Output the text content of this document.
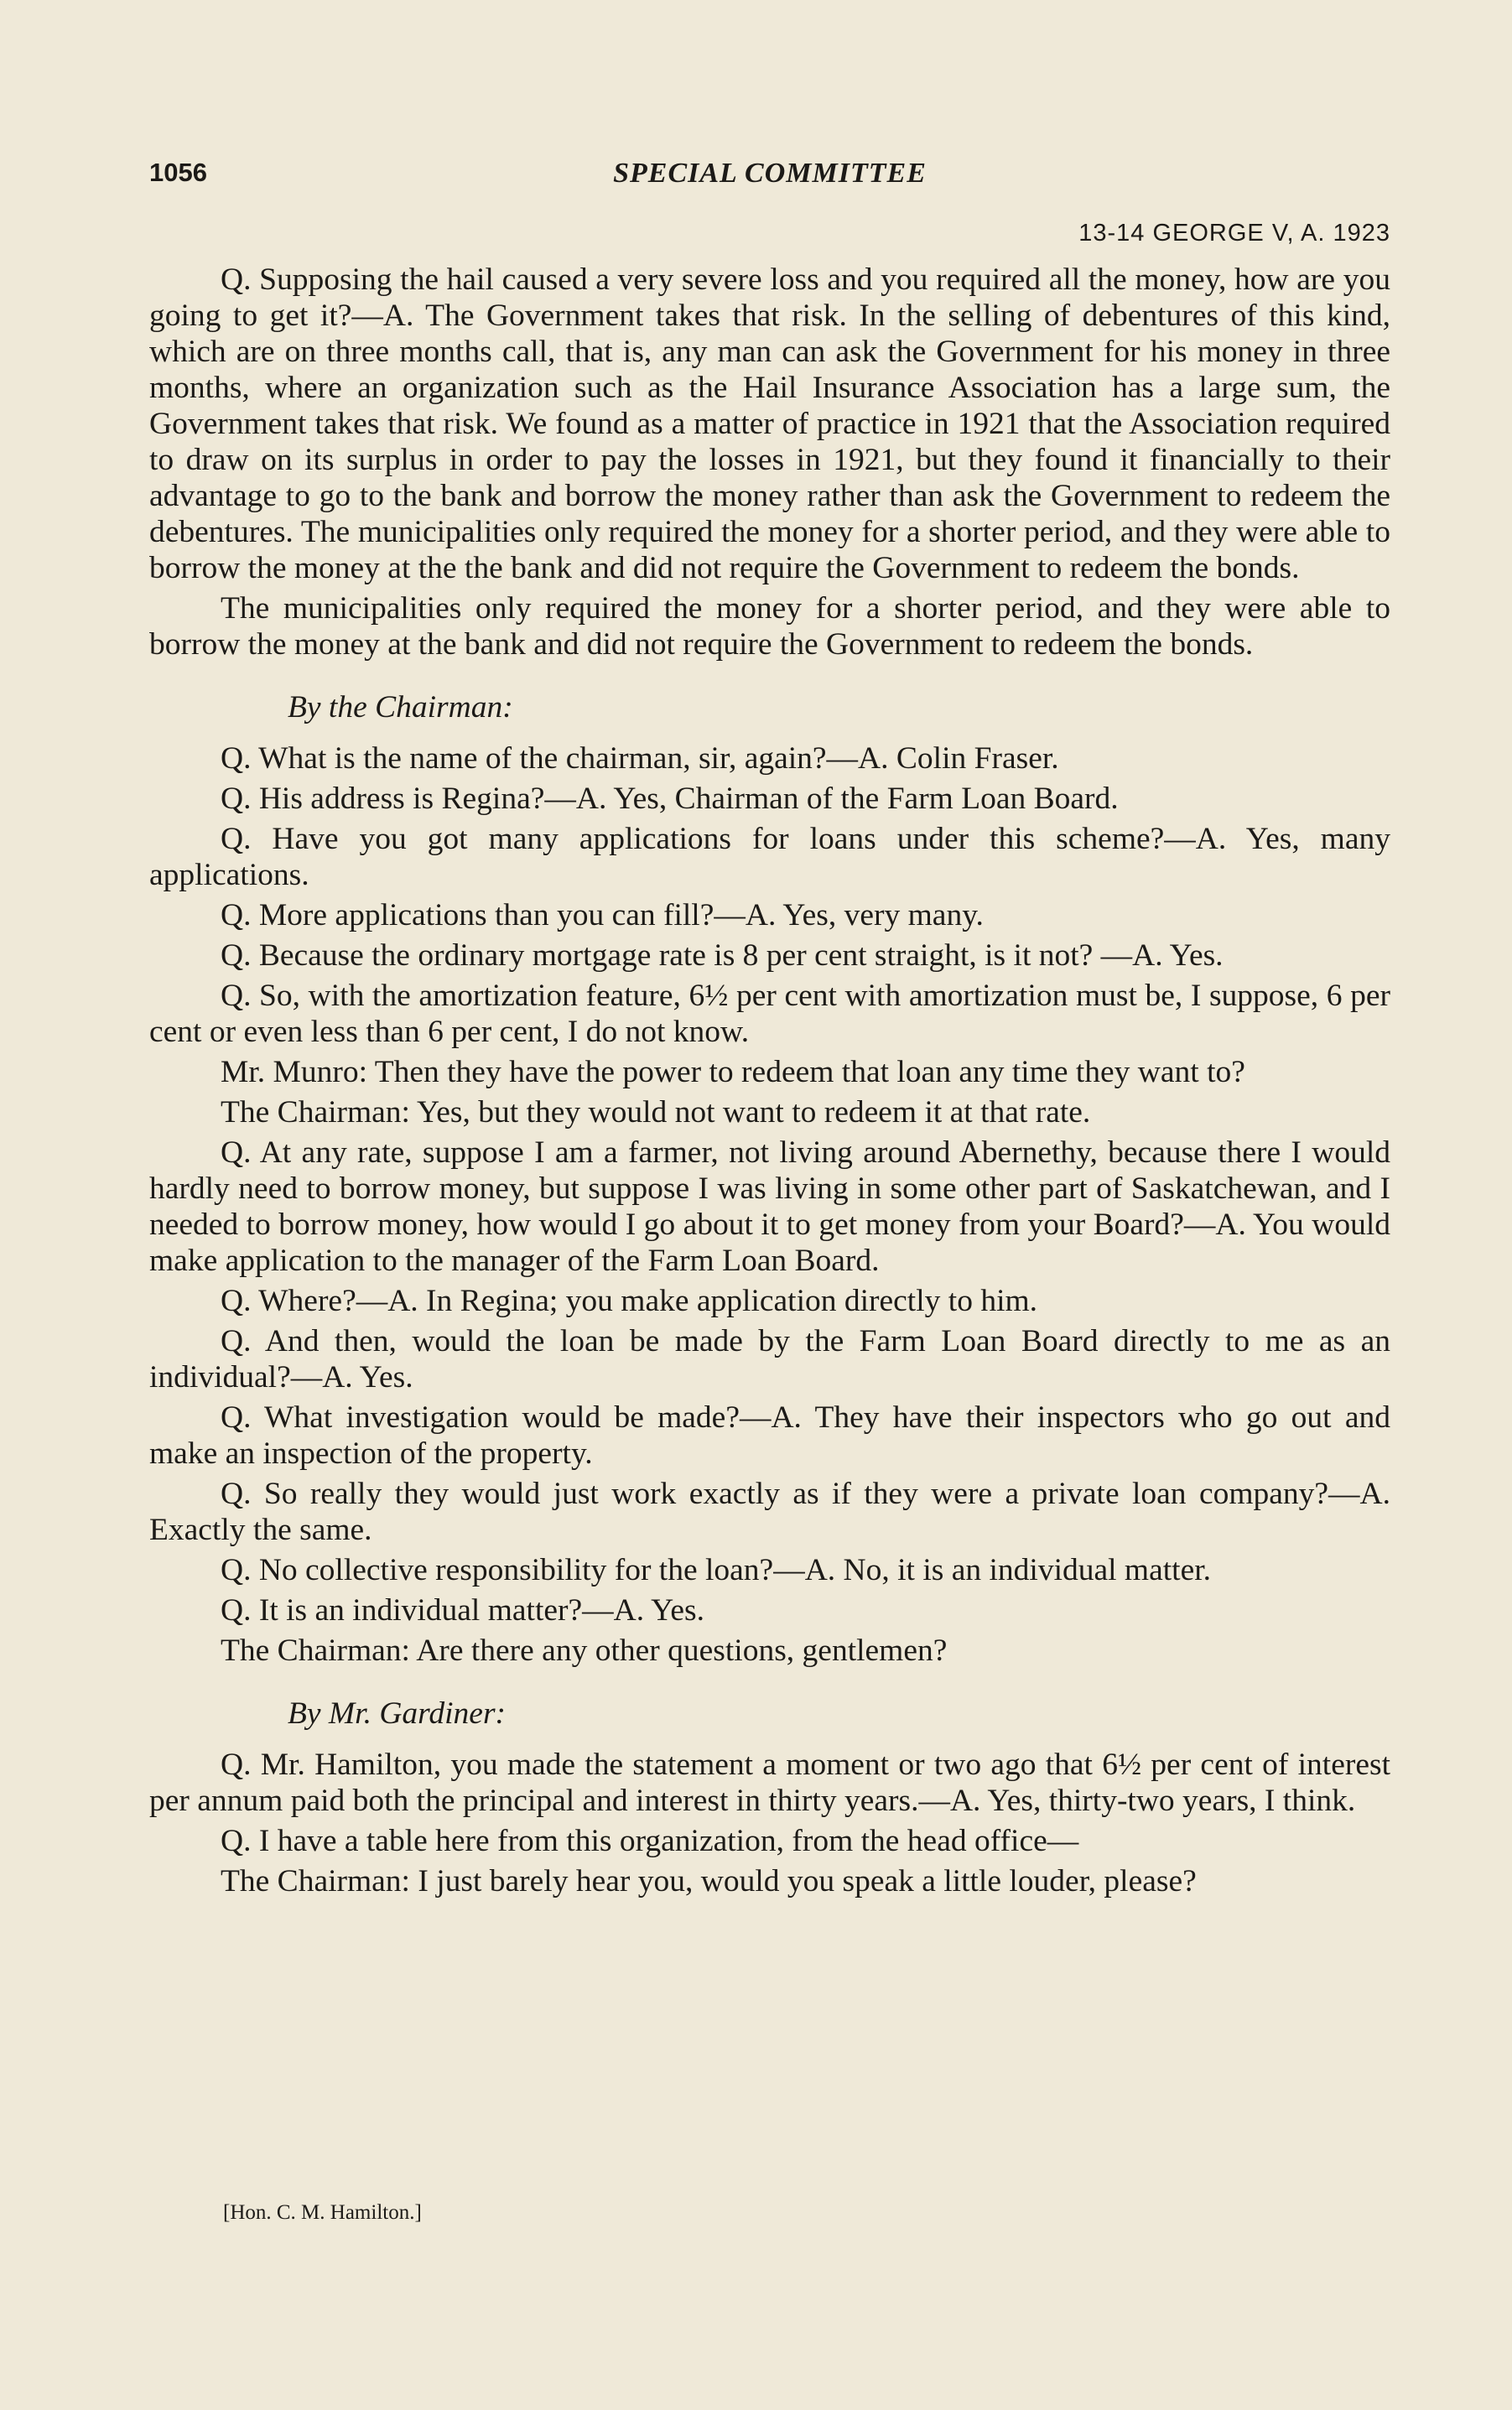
1056	SPECIAL COMMITTEE
13-14 GEORGE V, A. 1923

Q. Supposing the hail caused a very severe loss and you required all the money, how are you going to get it?—A. The Government takes that risk. In the selling of debentures of this kind, which are on three months call, that is, any man can ask the Government for his money in three months, where an organization such as the Hail Insurance Association has a large sum, the Government takes that risk. We found as a matter of practice in 1921 that the Association required to draw on its surplus in order to pay the losses in 1921, but they found it financially to their advantage to go to the bank and borrow the money rather than ask the Government to redeem the debentures. The municipalities only required the money for a shorter period, and they were able to borrow the money at the the bank and did not require the Government to redeem the bonds.

The municipalities only required the money for a shorter period, and they were able to borrow the money at the bank and did not require the Government to redeem the bonds.

By the Chairman:

Q. What is the name of the chairman, sir, again?—A. Colin Fraser.

Q. His address is Regina?—A. Yes, Chairman of the Farm Loan Board.

Q. Have you got many applications for loans under this scheme?—A. Yes, many applications.

Q. More applications than you can fill?—A. Yes, very many.

Q. Because the ordinary mortgage rate is 8 per cent straight, is it not? —A. Yes.

Q. So, with the amortization feature, 6½ per cent with amortization must be, I suppose, 6 per cent or even less than 6 per cent, I do not know.

Mr. Munro: Then they have the power to redeem that loan any time they want to?

The Chairman: Yes, but they would not want to redeem it at that rate.

Q. At any rate, suppose I am a farmer, not living around Abernethy, because there I would hardly need to borrow money, but suppose I was living in some other part of Saskatchewan, and I needed to borrow money, how would I go about it to get money from your Board?—A. You would make application to the manager of the Farm Loan Board.

Q. Where?—A. In Regina; you make application directly to him.

Q. And then, would the loan be made by the Farm Loan Board directly to me as an individual?—A. Yes.

Q. What investigation would be made?—A. They have their inspectors who go out and make an inspection of the property.

Q. So really they would just work exactly as if they were a private loan company?—A. Exactly the same.

Q. No collective responsibility for the loan?—A. No, it is an individual matter.

Q. It is an individual matter?—A. Yes.

The Chairman: Are there any other questions, gentlemen?

By Mr. Gardiner:

Q. Mr. Hamilton, you made the statement a moment or two ago that 6½ per cent of interest per annum paid both the principal and interest in thirty years.—A. Yes, thirty-two years, I think.

Q. I have a table here from this organization, from the head office—

The Chairman: I just barely hear you, would you speak a little louder, please?

[Hon. C. M. Hamilton.]
